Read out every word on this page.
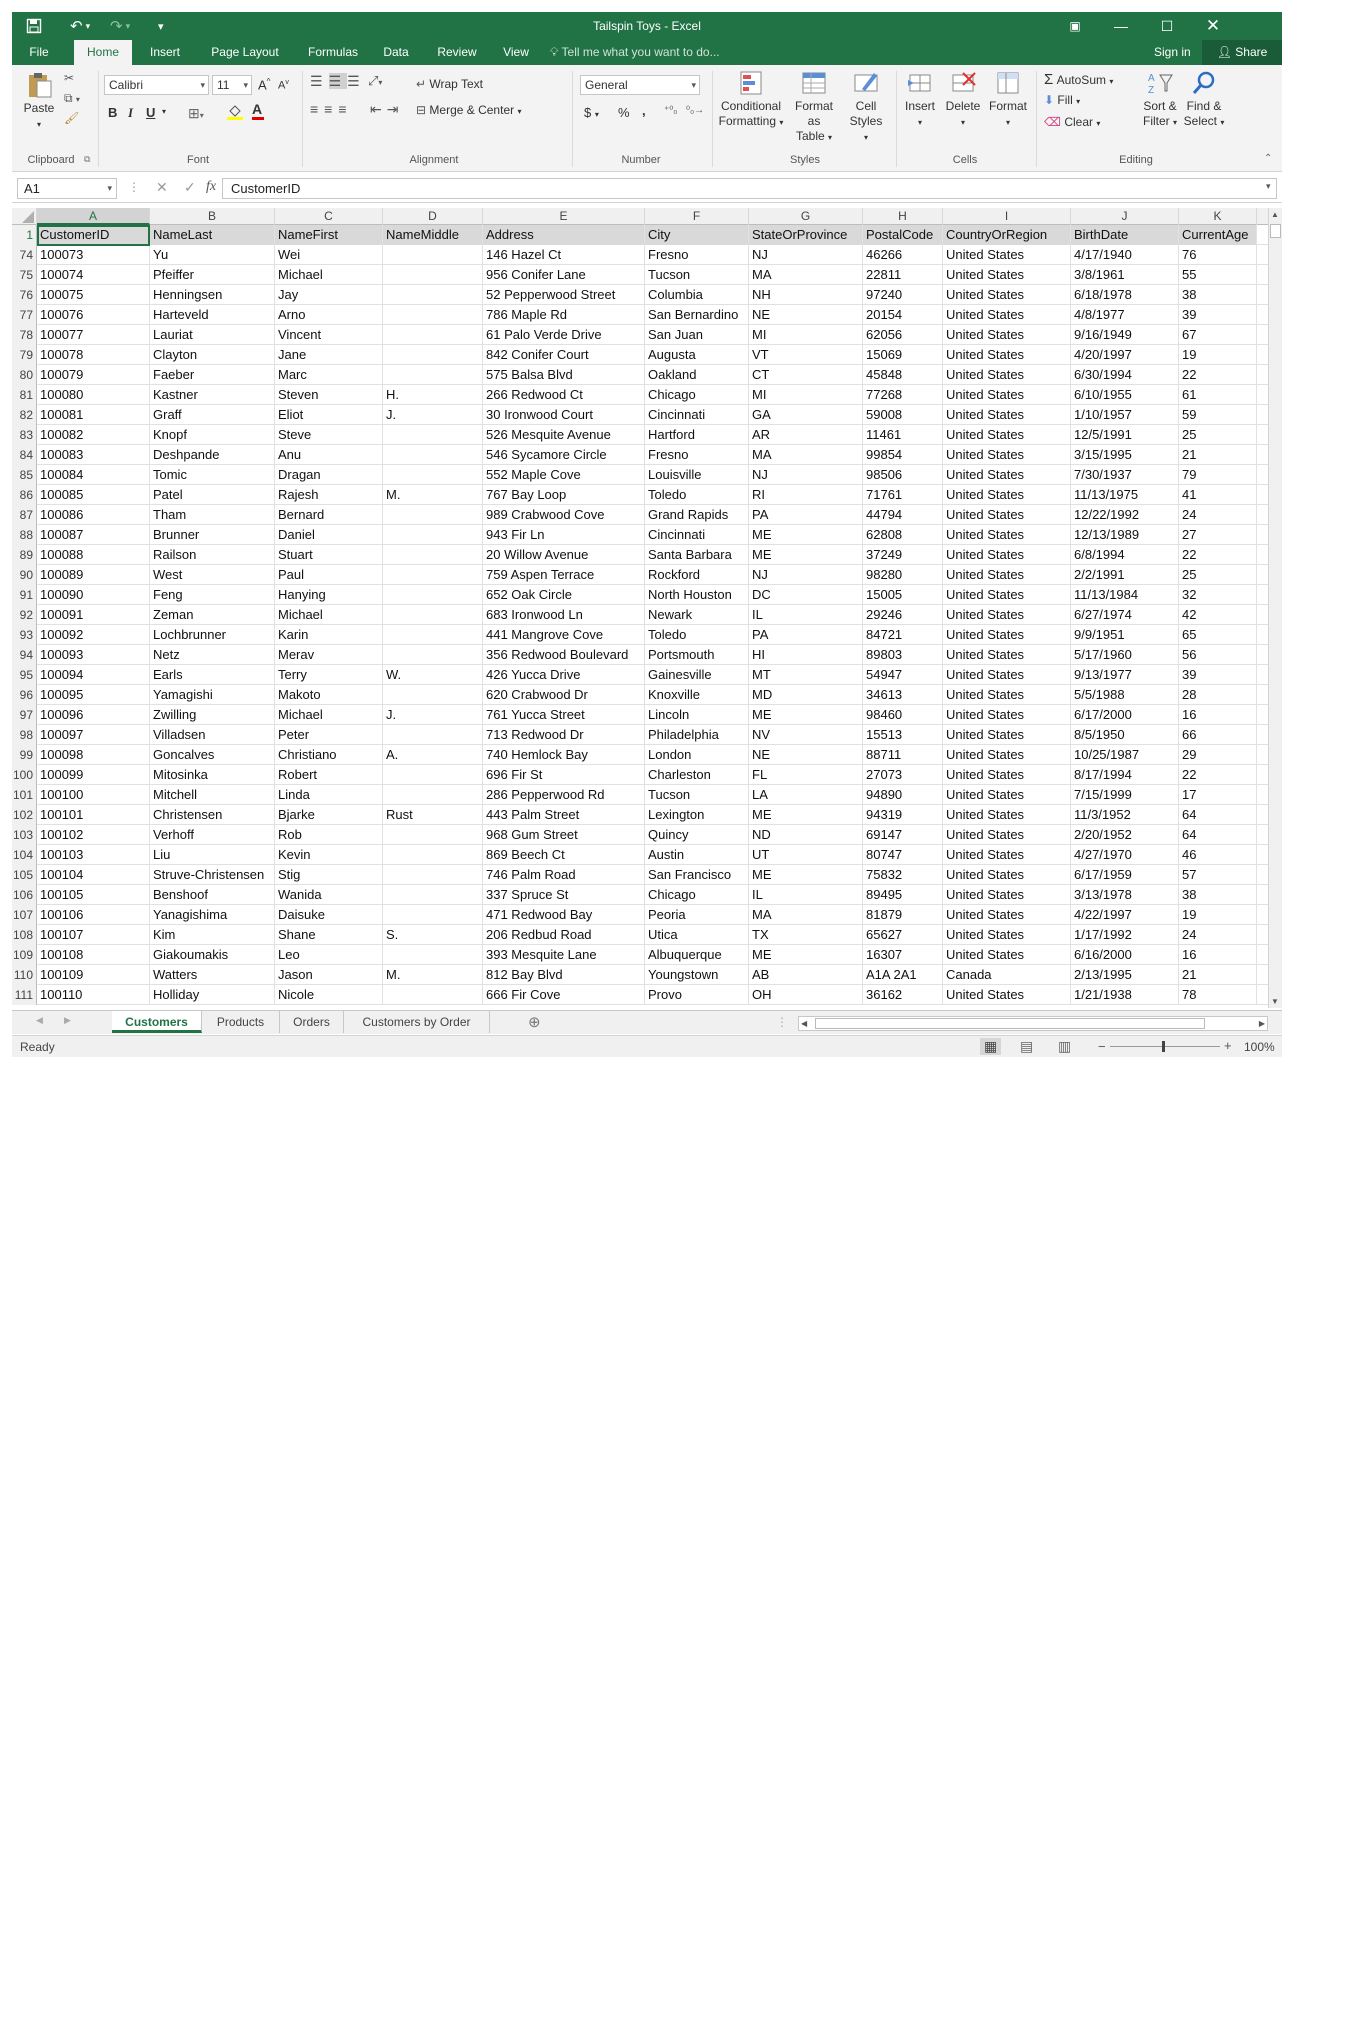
↶ ▾ ↷ ▾	▾	Tailspin Toys - Excel	▣	—	☐	✕
File	Home	Insert	Page Layout	Formulas	Data	Review	View	💡︎ Tell me what you want to do...	Sign in	👤︎ Share
Paste
▾
✂
⧉ ▾
🖌︎
Clipboard	⧉
Calibri ▾	11 ▾	A^ $A^v$
B I U ▾ ⊞▾	A
Font
☰☰☰ ⤢▾
≡≡≡ ⇤⇥
↵ Wrap Text
⊟ Merge & Center ▾
Alignment
General ▾
$ ▾ % , ⁺⁰₀ ⁰₀→
Number
Conditional
Formatting ▾
Format as
Table ▾
Cell
Styles ▾
Styles
Insert
▾
Delete
▾
Format
▾
Cells
Σ AutoSum ▾
⬇ Fill ▾
⌫ Clear ▾
A
Z
Sort &
Filter ▾
Find &
Select ▾
Editing	⌃
A1	▾ ⋮ ✕ ✓ fx	CustomerID	▾
A	B	C	D	E	F	G	H	I	J	K
1 CustomerID	NameLast	NameFirst	NameMiddle	Address	City	StateOrProvince	PostalCode CountryOrRegion	BirthDate	CurrentAge
74 100073	Yu	Wei	146 Hazel Ct	Fresno	NJ	46266	United States	4/17/1940	76
75 100074	Pfeiffer	Michael	956 Conifer Lane	Tucson	MA	22811	United States	3/8/1961	55
76 100075	Henningsen	Jay	52 Pepperwood Street	Columbia	NH	97240	United States	6/18/1978	38
77 100076	Harteveld	Arno	786 Maple Rd	San Bernardino	NE	20154	United States	4/8/1977	39
78 100077	Lauriat	Vincent	61 Palo Verde Drive	San Juan	MI	62056	United States	9/16/1949	67
79 100078	Clayton	Jane	842 Conifer Court	Augusta	VT	15069	United States	4/20/1997	19
80 100079	Faeber	Marc	575 Balsa Blvd	Oakland	CT	45848	United States	6/30/1994	22
81 100080	Kastner	Steven	H.	266 Redwood Ct	Chicago	MI	77268	United States	6/10/1955	61
82 100081	Graff	Eliot	J.	30 Ironwood Court	Cincinnati	GA	59008	United States	1/10/1957	59
83 100082	Knopf	Steve	526 Mesquite Avenue	Hartford	AR	11461	United States	12/5/1991	25
84 100083	Deshpande	Anu	546 Sycamore Circle	Fresno	MA	99854	United States	3/15/1995	21
85 100084	Tomic	Dragan	552 Maple Cove	Louisville	NJ	98506	United States	7/30/1937	79
86 100085	Patel	Rajesh	M.	767 Bay Loop	Toledo	RI	71761	United States	11/13/1975	41
87 100086	Tham	Bernard	989 Crabwood Cove	Grand Rapids	PA	44794	United States	12/22/1992	24
88 100087	Brunner	Daniel	943 Fir Ln	Cincinnati	ME	62808	United States	12/13/1989	27
89 100088	Railson	Stuart	20 Willow Avenue	Santa Barbara	ME	37249	United States	6/8/1994	22
90 100089	West	Paul	759 Aspen Terrace	Rockford	NJ	98280	United States	2/2/1991	25
91 100090	Feng	Hanying	652 Oak Circle	North Houston	DC	15005	United States	11/13/1984	32
92 100091	Zeman	Michael	683 Ironwood Ln	Newark	IL	29246	United States	6/27/1974	42
93 100092	Lochbrunner	Karin	441 Mangrove Cove	Toledo	PA	84721	United States	9/9/1951	65
94 100093	Netz	Merav	356 Redwood Boulevard	Portsmouth	HI	89803	United States	5/17/1960	56
95 100094	Earls	Terry	W.	426 Yucca Drive	Gainesville	MT	54947	United States	9/13/1977	39
96 100095	Yamagishi	Makoto	620 Crabwood Dr	Knoxville	MD	34613	United States	5/5/1988	28
97 100096	Zwilling	Michael	J.	761 Yucca Street	Lincoln	ME	98460	United States	6/17/2000	16
98 100097	Villadsen	Peter	713 Redwood Dr	Philadelphia	NV	15513	United States	8/5/1950	66
99 100098	Goncalves	Christiano	A.	740 Hemlock Bay	London	NE	88711	United States	10/25/1987	29
100 100099	Mitosinka	Robert	696 Fir St	Charleston	FL	27073	United States	8/17/1994	22
101 100100	Mitchell	Linda	286 Pepperwood Rd	Tucson	LA	94890	United States	7/15/1999	17
102 100101	Christensen	Bjarke	Rust	443 Palm Street	Lexington	ME	94319	United States	11/3/1952	64
103 100102	Verhoff	Rob	968 Gum Street	Quincy	ND	69147	United States	2/20/1952	64
104 100103	Liu	Kevin	869 Beech Ct	Austin	UT	80747	United States	4/27/1970	46
105 100104	Struve-Christensen	Stig	746 Palm Road	San Francisco	ME	75832	United States	6/17/1959	57
106 100105	Benshoof	Wanida	337 Spruce St	Chicago	IL	89495	United States	3/13/1978	38
107 100106	Yanagishima	Daisuke	471 Redwood Bay	Peoria	MA	81879	United States	4/22/1997	19
108 100107	Kim	Shane	S.	206 Redbud Road	Utica	TX	65627	United States	1/17/1992	24
109 100108	Giakoumakis	Leo	393 Mesquite Lane	Albuquerque	ME	16307	United States	6/16/2000	16
110 100109	Watters	Jason	M.	812 Bay Blvd	Youngstown	AB	A1A 2A1	Canada	2/13/1995	21
111 100110	Holliday	Nicole	666 Fir Cove	Provo	OH	36162	United States	1/21/1938	78
▲
▼
◀ ▶	Customers	Products	Orders	Customers by Order	⊕	⋮ ◀	▶
Ready	▦ ▤ ▥ −	+ 100%
